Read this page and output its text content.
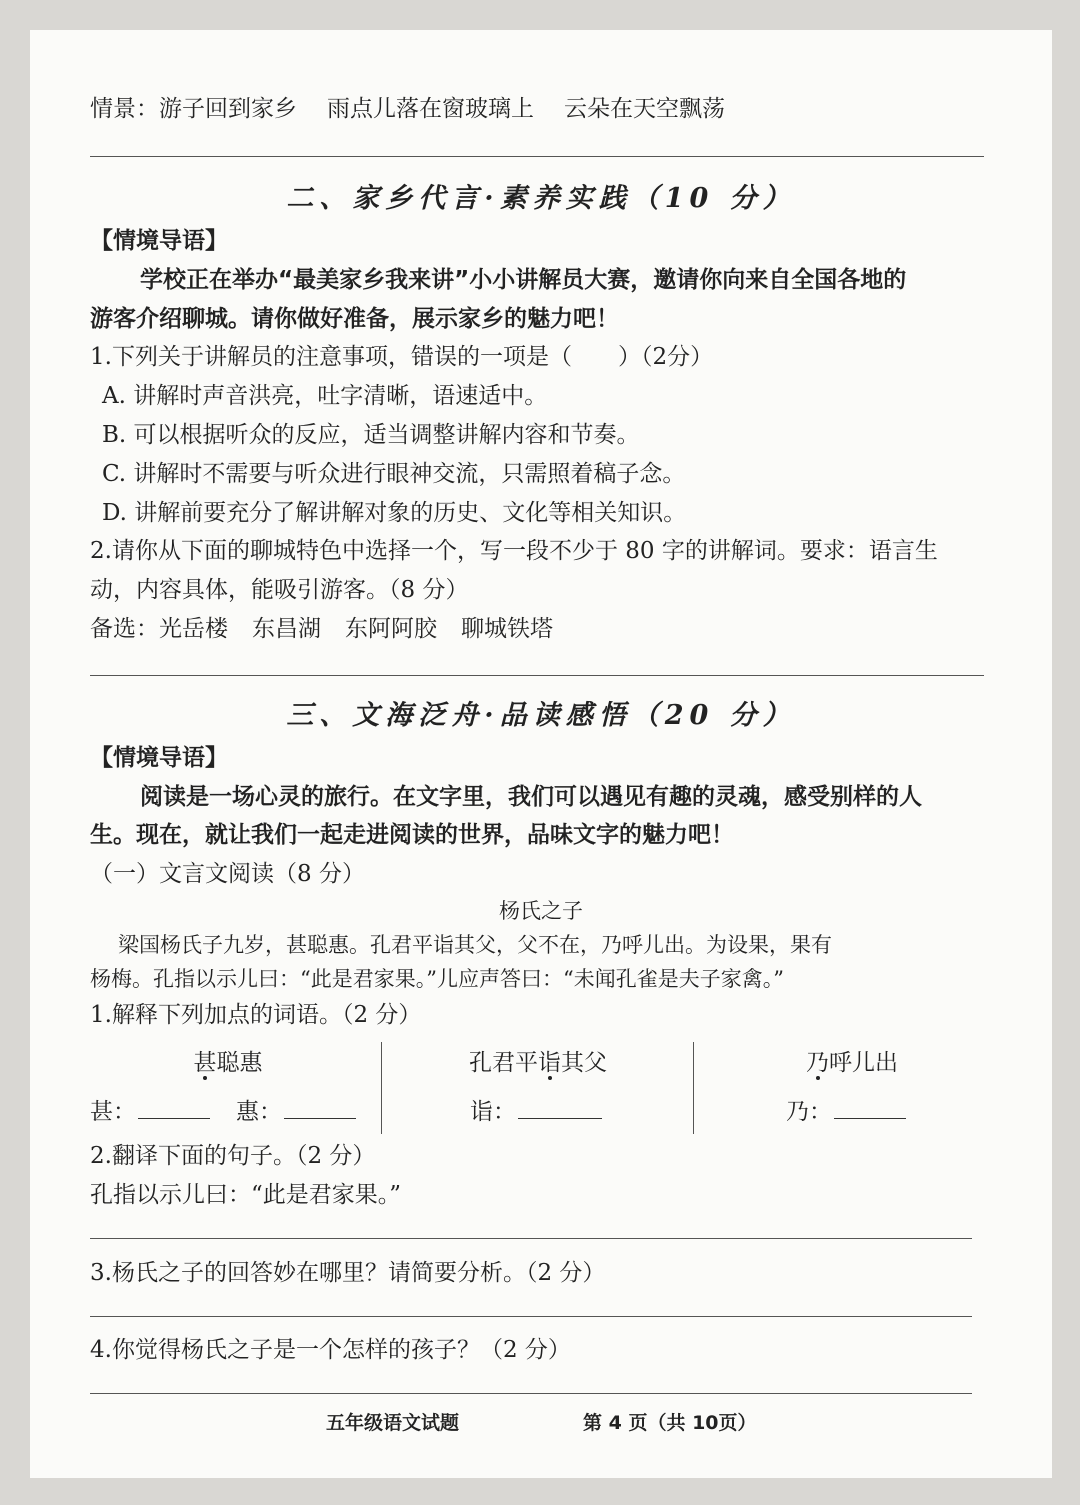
情景：游子回到家乡 雨点儿落在窗玻璃上 云朵在天空飘荡
二、家乡代言·素养实践（10 分）
【情境导语】
学校正在举办“最美家乡我来讲”小小讲解员大赛，邀请你向来自全国各地的
游客介绍聊城。请你做好准备，展示家乡的魅力吧！
1.下列关于讲解员的注意事项，错误的一项是（　　）（2分）
A. 讲解时声音洪亮，吐字清晰，语速适中。
B. 可以根据听众的反应，适当调整讲解内容和节奏。
C. 讲解时不需要与听众进行眼神交流，只需照着稿子念。
D. 讲解前要充分了解讲解对象的历史、文化等相关知识。
2.请你从下面的聊城特色中选择一个，写一段不少于 80 字的讲解词。要求：语言生
动，内容具体，能吸引游客。（8 分）
备选：光岳楼 东昌湖 东阿阿胶 聊城铁塔
三、文海泛舟·品读感悟（20 分）
【情境导语】
阅读是一场心灵的旅行。在文字里，我们可以遇见有趣的灵魂，感受别样的人
生。现在，就让我们一起走进阅读的世界，品味文字的魅力吧！
（一）文言文阅读（8 分）
杨氏之子
梁国杨氏子九岁，甚聪惠。孔君平诣其父，父不在，乃呼儿出。为设果，果有
杨梅。孔指以示儿曰：“此是君家果。”儿应声答曰：“未闻孔雀是夫子家禽。”
1.解释下列加点的词语。（2 分）
甚聪惠
甚：	惠：
孔君平诣其父
诣：
乃呼儿出
乃：
2.翻译下面的句子。（2 分）
孔指以示儿曰：“此是君家果。”
3.杨氏之子的回答妙在哪里？请简要分析。（2 分）
4.你觉得杨氏之子是一个怎样的孩子？（2 分）
五年级语文试题	第 4 页（共 10页）
